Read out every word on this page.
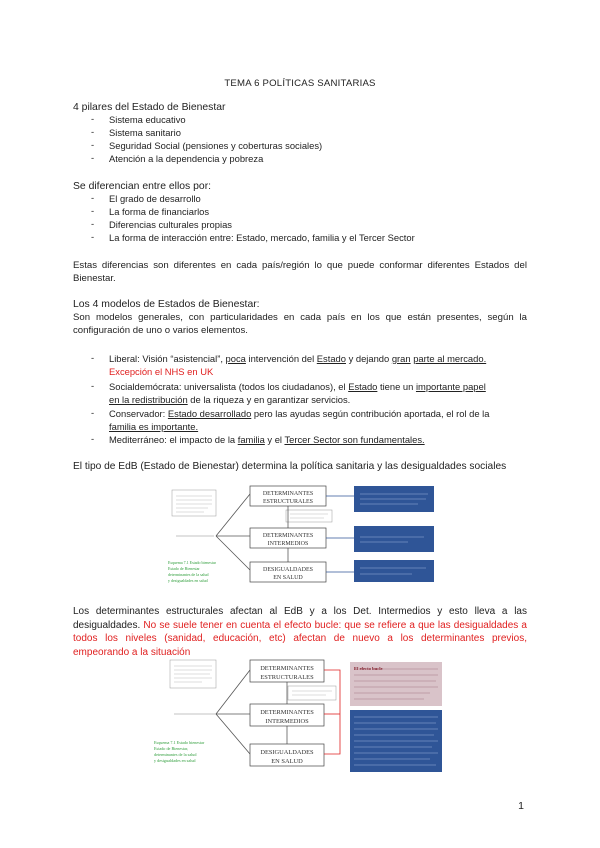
TEMA 6 POLÍTICAS SANITARIAS
4 pilares del Estado de Bienestar
- Sistema educativo
- Sistema sanitario
- Seguridad Social (pensiones y coberturas sociales)
- Atención a la dependencia y pobreza
Se diferencian entre ellos por:
- El grado de desarrollo
- La forma de financiarlos
- Diferencias culturales propias
- La forma de interacción entre: Estado, mercado, familia y el Tercer Sector
Estas diferencias son diferentes en cada país/región lo que puede conformar diferentes Estados del Bienestar.
Los 4 modelos de Estados de Bienestar:
Son modelos generales, con particularidades en cada país en los que están presentes, según la configuración de uno o varios elementos.
- Liberal: Visión “asistencial”, poca intervención del Estado y dejando gran parte al mercado.
Excepción el NHS en UK
- Socialdemócrata: universalista (todos los ciudadanos), el Estado tiene un importante papel
en la redistribución de la riqueza y en garantizar servicios.
- Conservador: Estado desarrollado pero las ayudas según contribución aportada, el rol de la
familia es importante.
- Mediterráneo: el impacto de la familia y el Tercer Sector son fundamentales.
El tipo de EdB (Estado de Bienestar) determina la política sanitaria y las desigualdades sociales
DETERMINANTES
ESTRUCTURALES
DETERMINANTES
INTERMEDIOS
DESIGUALDADES
EN SALUD
Esquema 7.1 Estado bienestar
Estado de Bienestar
determinantes de la salud
y desigualdades en salud
Los determinantes estructurales afectan al EdB y a los Det. Intermedios y esto lleva a las desigualdades. No se suele tener en cuenta el efecto bucle: que se refiere a que las desigualdades a todos los niveles (sanidad, educación, etc) afectan de nuevo a los determinantes previos, empeorando a la situación
DETERMINANTES
ESTRUCTURALES
DETERMINANTES
INTERMEDIOS
DESIGUALDADES
EN SALUD
El efecto bucle
Esquema 7.1 Estado bienestar
Estado de Bienestar,
determinantes de la salud
y desigualdades en salud
1
